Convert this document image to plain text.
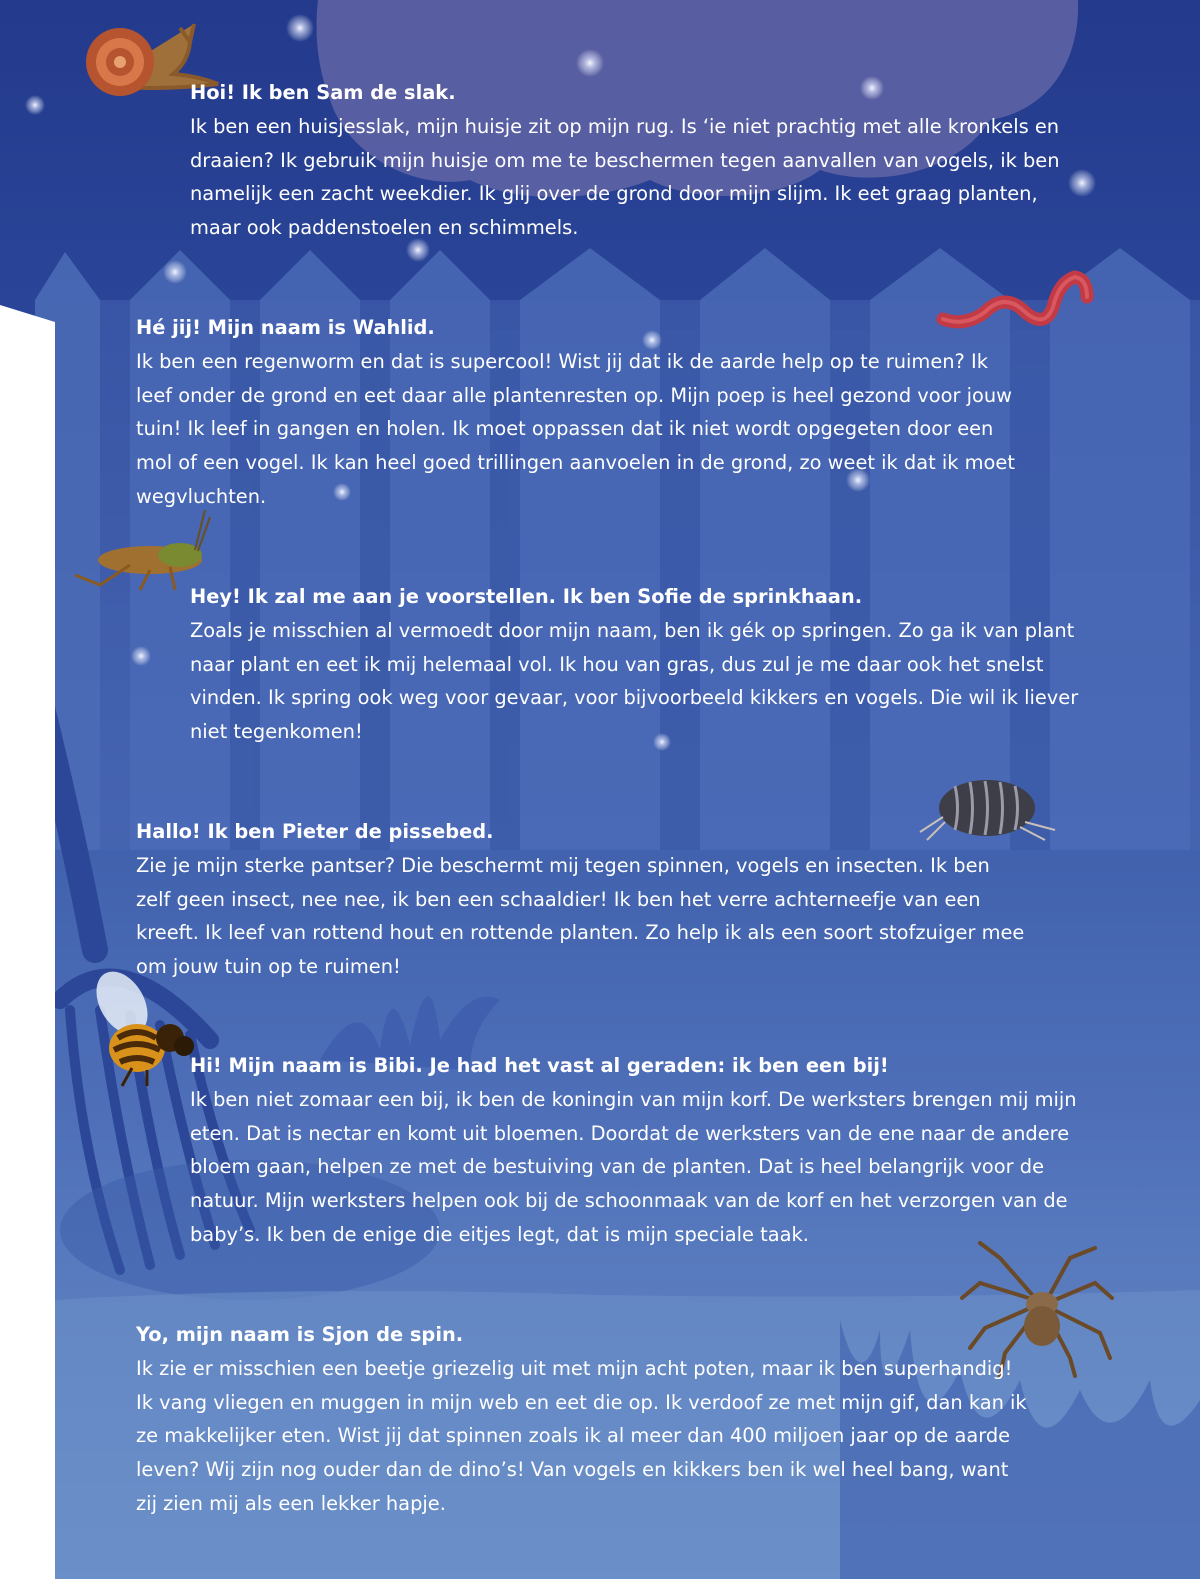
Hoi! Ik ben Sam de slak.
Ik ben een huisjesslak, mijn huisje zit op mijn rug. Is ‘ie niet prachtig met alle kronkels en
draaien? Ik gebruik mijn huisje om me te beschermen tegen aanvallen van vogels, ik ben
namelijk een zacht weekdier. Ik glij over de grond door mijn slijm. Ik eet graag planten,
maar ook paddenstoelen en schimmels.
Hé jij! Mijn naam is Wahlid.
Ik ben een regenworm en dat is supercool! Wist jij dat ik de aarde help op te ruimen? Ik
leef onder de grond en eet daar alle plantenresten op. Mijn poep is heel gezond voor jouw
tuin! Ik leef in gangen en holen. Ik moet oppassen dat ik niet wordt opgegeten door een
mol of een vogel. Ik kan heel goed trillingen aanvoelen in de grond, zo weet ik dat ik moet
wegvluchten.
Hey! Ik zal me aan je voorstellen. Ik ben Sofie de sprinkhaan.
Zoals je misschien al vermoedt door mijn naam, ben ik gék op springen. Zo ga ik van plant
naar plant en eet ik mij helemaal vol. Ik hou van gras, dus zul je me daar ook het snelst
vinden. Ik spring ook weg voor gevaar, voor bijvoorbeeld kikkers en vogels. Die wil ik liever
niet tegenkomen!
Hallo! Ik ben Pieter de pissebed.
Zie je mijn sterke pantser? Die beschermt mij tegen spinnen, vogels en insecten. Ik ben
zelf geen insect, nee nee, ik ben een schaaldier! Ik ben het verre achterneefje van een
kreeft. Ik leef van rottend hout en rottende planten. Zo help ik als een soort stofzuiger mee
om jouw tuin op te ruimen!
Hi! Mijn naam is Bibi. Je had het vast al geraden: ik ben een bij!
Ik ben niet zomaar een bij, ik ben de koningin van mijn korf. De werksters brengen mij mijn
eten. Dat is nectar en komt uit bloemen. Doordat de werksters van de ene naar de andere
bloem gaan, helpen ze met de bestuiving van de planten. Dat is heel belangrijk voor de
natuur. Mijn werksters helpen ook bij de schoonmaak van de korf en het verzorgen van de
baby’s. Ik ben de enige die eitjes legt, dat is mijn speciale taak.
Yo, mijn naam is Sjon de spin.
Ik zie er misschien een beetje griezelig uit met mijn acht poten, maar ik ben superhandig!
Ik vang vliegen en muggen in mijn web en eet die op. Ik verdoof ze met mijn gif, dan kan ik
ze makkelijker eten. Wist jij dat spinnen zoals ik al meer dan 400 miljoen jaar op de aarde
leven? Wij zijn nog ouder dan de dino’s! Van vogels en kikkers ben ik wel heel bang, want
zij zien mij als een lekker hapje.
